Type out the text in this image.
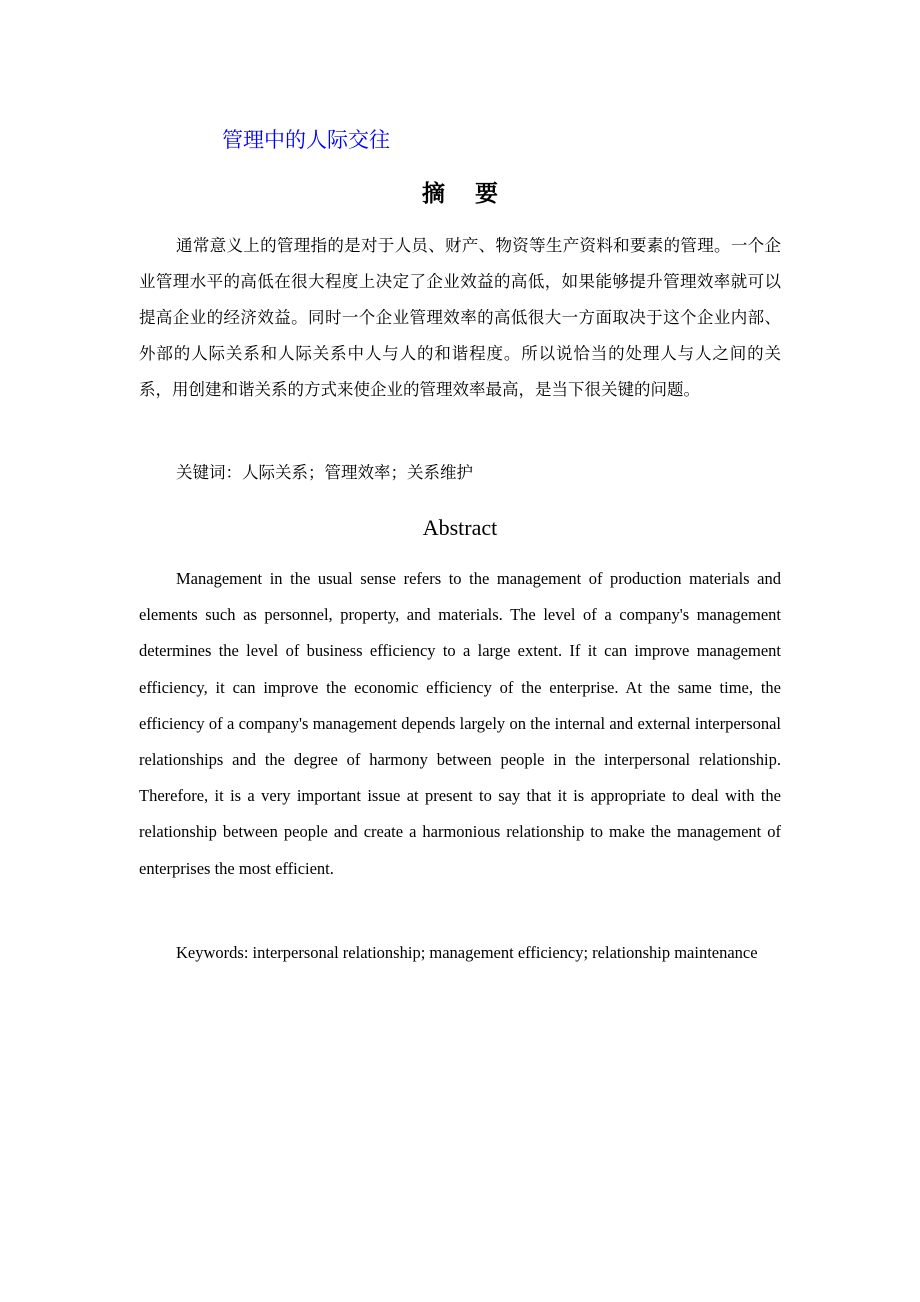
管理中的人际交往
摘要

通常意义上的管理指的是对于人员、财产、物资等生产资料和要素的管理。一个企业管理水平的高低在很大程度上决定了企业效益的高低，如果能够提升管理效率就可以提高企业的经济效益。同时一个企业管理效率的高低很大一方面取决于这个企业内部、外部的人际关系和人际关系中人与人的和谐程度。所以说恰当的处理人与人之间的关系，用创建和谐关系的方式来使企业的管理效率最高，是当下很关键的问题。

关键词：人际关系；管理效率；关系维护

Abstract

Management in the usual sense refers to the management of production materials and elements such as personnel, property, and materials. The level of a company's management determines the level of business efficiency to a large extent. If it can improve management efficiency, it can improve the economic efficiency of the enterprise. At the same time, the efficiency of a company's management depends largely on the internal and external interpersonal relationships and the degree of harmony between people in the interpersonal relationship. Therefore, it is a very important issue at present to say that it is appropriate to deal with the relationship between people and create a harmonious relationship to make the management of enterprises the most efficient.

Keywords: interpersonal relationship; management efficiency; relationship maintenance
